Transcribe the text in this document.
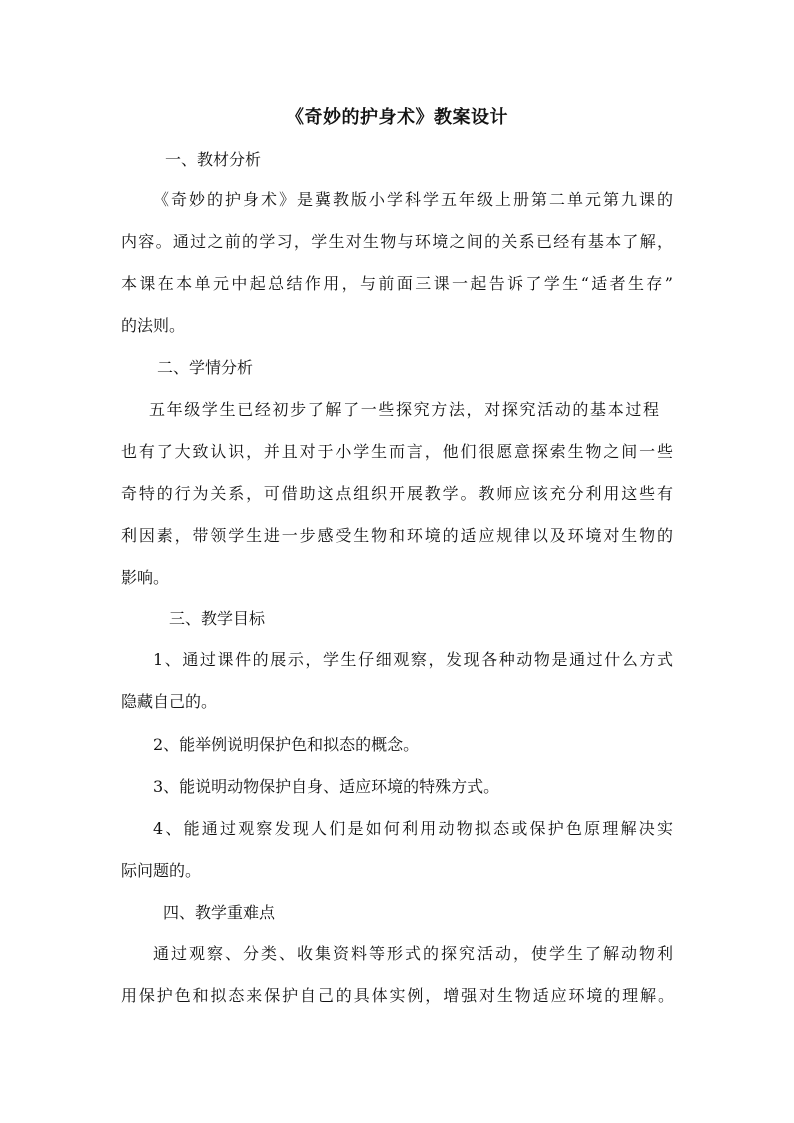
《奇妙的护身术》教案设计
一、教材分析
《奇妙的护身术》是冀教版小学科学五年级上册第二单元第九课的
内容。通过之前的学习，学生对生物与环境之间的关系已经有基本了解，
本课在本单元中起总结作用，与前面三课一起告诉了学生“适者生存”
的法则。
二、学情分析
五年级学生已经初步了解了一些探究方法，对探究活动的基本过程
也有了大致认识，并且对于小学生而言，他们很愿意探索生物之间一些
奇特的行为关系，可借助这点组织开展教学。教师应该充分利用这些有
利因素，带领学生进一步感受生物和环境的适应规律以及环境对生物的
影响。
三、教学目标
1、通过课件的展示，学生仔细观察，发现各种动物是通过什么方式
隐藏自己的。
2、能举例说明保护色和拟态的概念。
3、能说明动物保护自身、适应环境的特殊方式。
4、能通过观察发现人们是如何利用动物拟态或保护色原理解决实
际问题的。
四、教学重难点
通过观察、分类、收集资料等形式的探究活动，使学生了解动物利
用保护色和拟态来保护自己的具体实例，增强对生物适应环境的理解。
